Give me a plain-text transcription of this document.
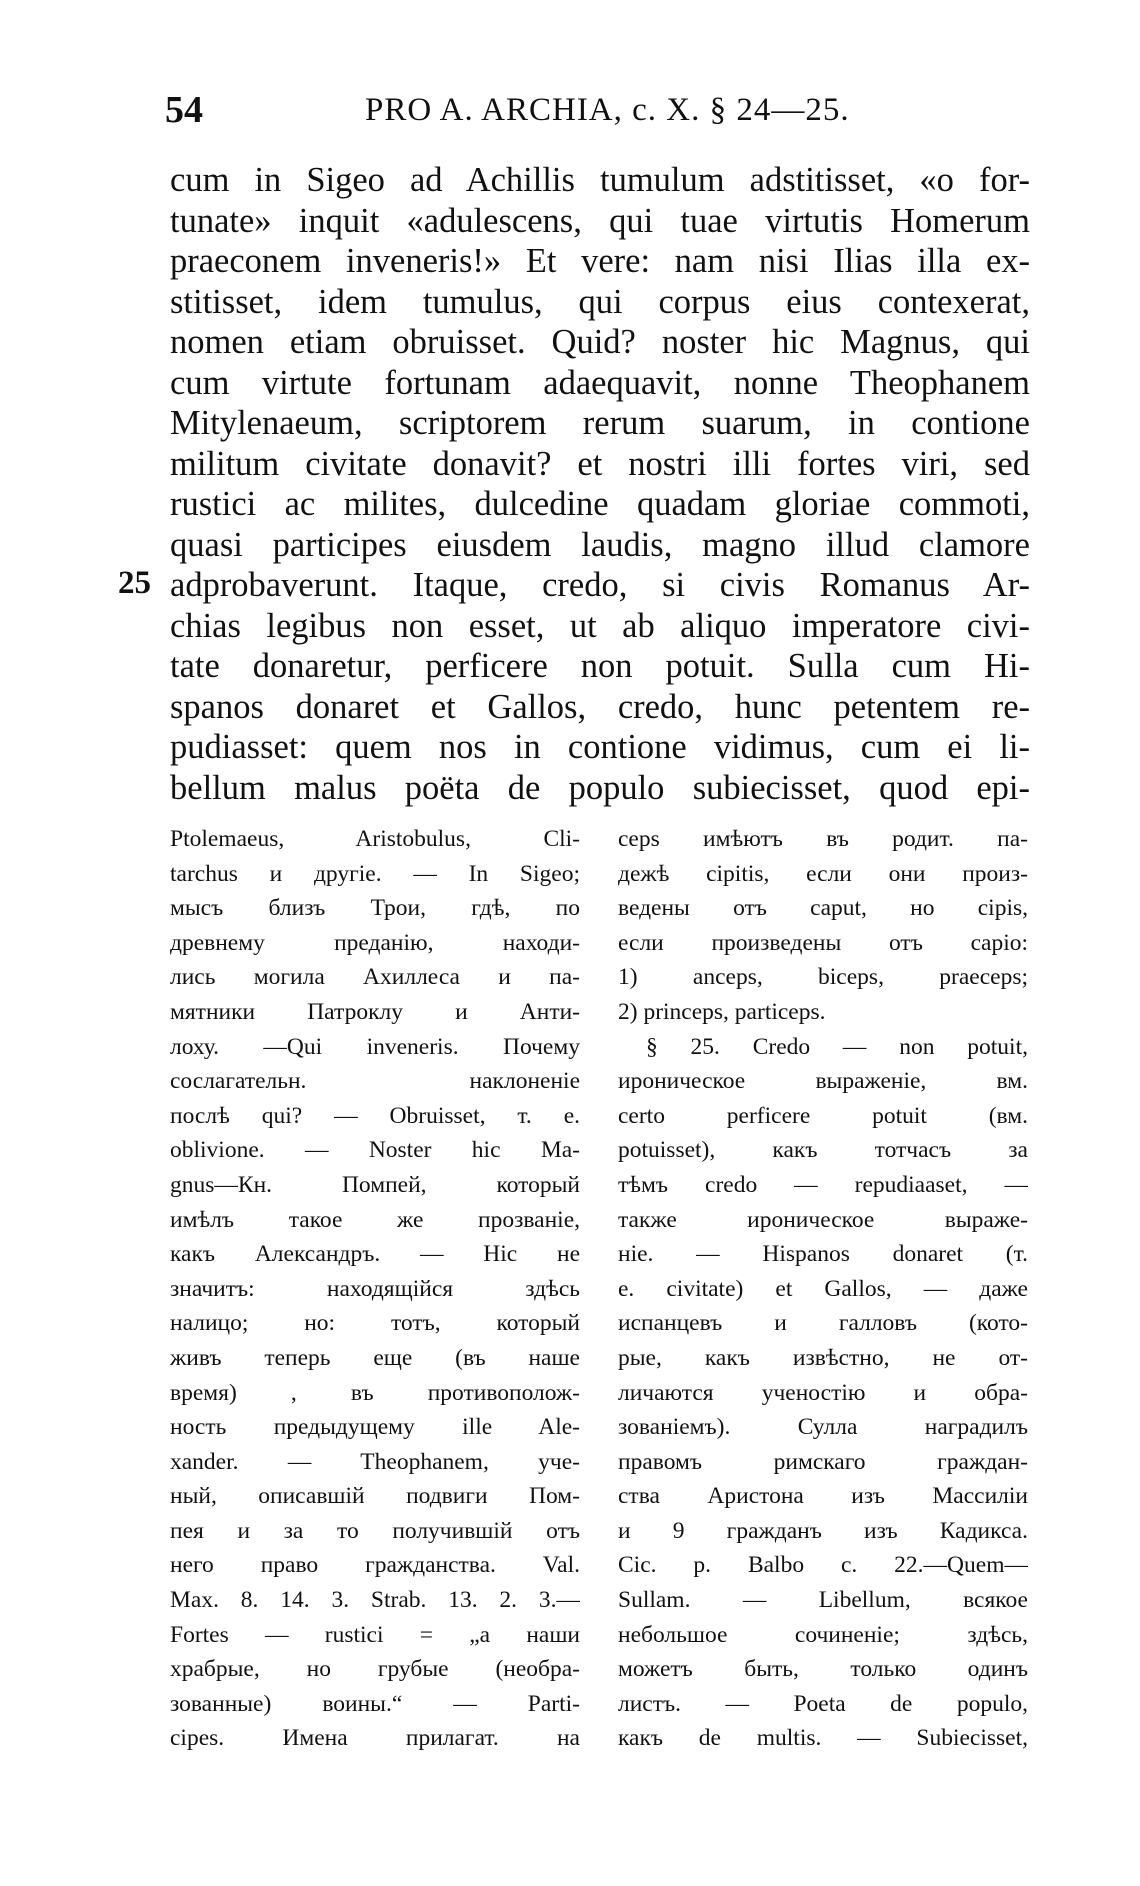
54	PRO A. ARCHIA, c. X. § 24—25.
cum in Sigeo ad Achillis tumulum adstitisset, «o for-
tunate» inquit «adulescens, qui tuae virtutis Homerum
praeconem inveneris!» Et vere: nam nisi Ilias illa ex-
stitisset, idem tumulus, qui corpus eius contexerat,
nomen etiam obruisset. Quid? noster hic Magnus, qui
cum virtute fortunam adaequavit, nonne Theophanem
Mitylenaeum, scriptorem rerum suarum, in contione
militum civitate donavit? et nostri illi fortes viri, sed
rustici ac milites, dulcedine quadam gloriae commoti,
quasi participes eiusdem laudis, magno illud clamore
adprobaverunt. Itaque, credo, si civis Romanus Ar-
chias legibus non esset, ut ab aliquo imperatore civi-
tate donaretur, perficere non potuit. Sulla cum Hi-
spanos donaret et Gallos, credo, hunc petentem re-
pudiasset: quem nos in contione vidimus, cum ei li-
bellum malus poëta de populo subiecisset, quod epi-
25
Ptolemaeus, Aristobulus, Cli-
tarchus и другіе. — In Sigeo;
мысъ близъ Трои, гдѣ, по
древнему преданію, находи-
лись могила Ахиллеса и па-
мятники Патроклу и Анти-
лоху. —Qui inveneris. Почему
сослагательн. наклоненіе
послѣ qui? — Obruisset, т. е.
oblivione. — Noster hic Ma-
gnus—Кн. Помпей, который
имѣлъ такое же прозваніе,
какъ Александръ. — Hic не
значитъ: находящійся здѣсь
налицо; но: тотъ, который
живъ теперь еще (въ наше
время) , въ противополож-
ность предыдущему ille Ale-
xander. — Theophanem, уче-
ный, описавшій подвиги Пом-
пея и за то получившій отъ
него право гражданства. Val.
Max. 8. 14. 3. Strab. 13. 2. 3.—
Fortes — rustici = „а наши
храбрые, но грубые (необра-
зованные) воины.“ — Parti-
cipes. Имена прилагат. на
ceps имѣютъ въ родит. па-
дежѣ cipitis, если они произ-
ведены отъ caput, но cipis,
если произведены отъ capio:
1) anceps, biceps, praeceps;
2) princeps, particeps.
§ 25. Credo — non potuit,
ироническое выраженіе, вм.
certo perficere potuit (вм.
potuisset), какъ тотчасъ за
тѣмъ credo — repudiaaset, —
также ироническое выраже-
ніе. — Hispanos donaret (т.
е. civitate) et Gallos, — даже
испанцевъ и галловъ (кото-
рые, какъ извѣстно, не от-
личаются ученостію и обра-
зованіемъ). Сулла наградилъ
правомъ римскаго граждан-
ства Аристона изъ Массиліи
и 9 гражданъ изъ Кадикса.
Cic. p. Balbo c. 22.—Quem—
Sullam. — Libellum, всякое
небольшое сочиненіе; здѣсь,
можетъ быть, только одинъ
листъ. — Poeta de populo,
какъ de multis. — Subiecisset,
